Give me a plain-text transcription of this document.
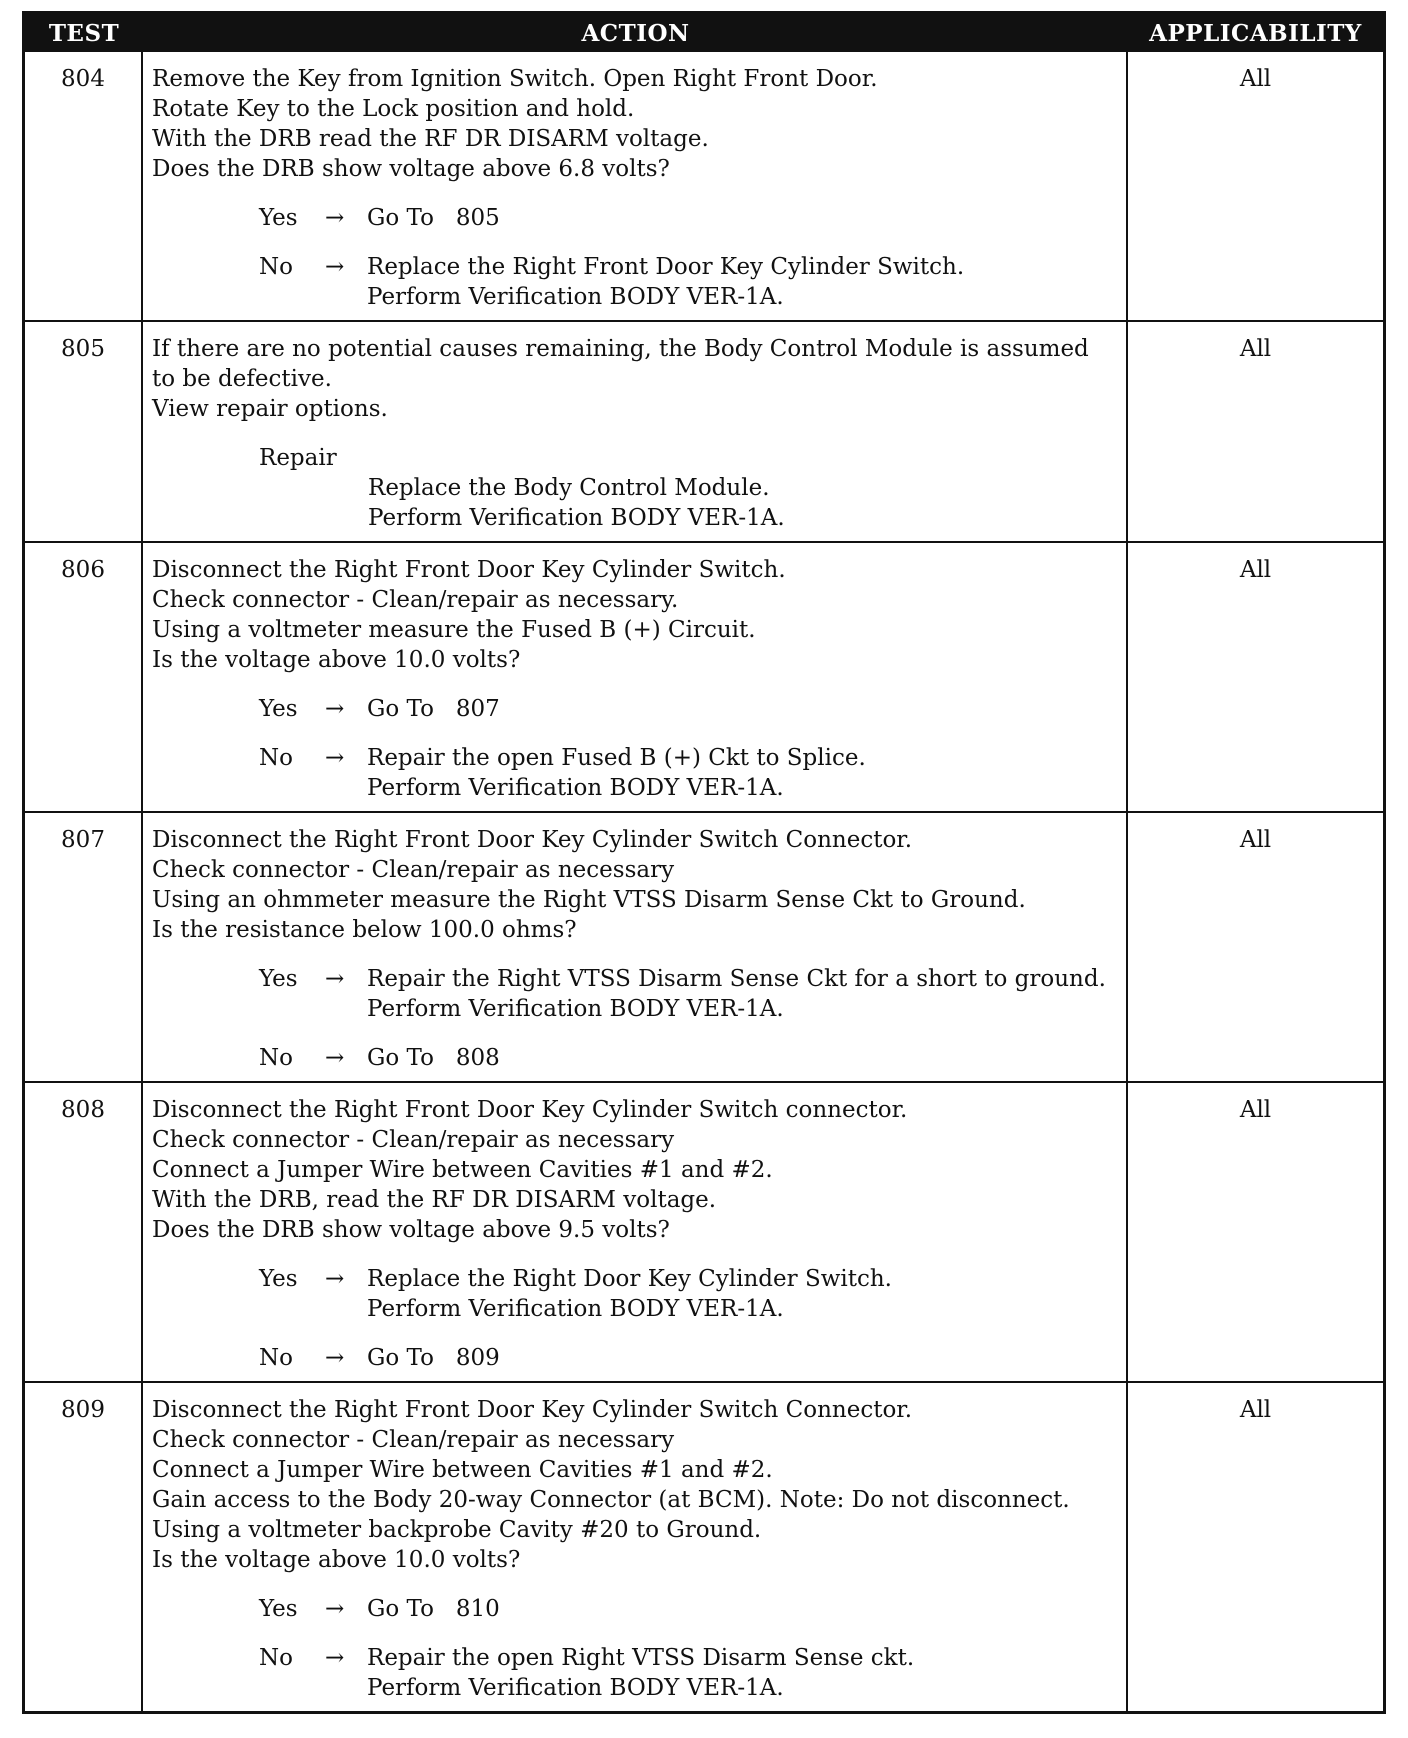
TEST	ACTION	APPLICABILITY
804	Remove the Key from Ignition Switch. Open Right Front Door.
Rotate Key to the Lock position and hold.
With the DRB read the RF DR DISARM voltage.
Does the DRB show voltage above 6.8 volts?
Yes	→ Go To   805
No	→ Replace the Right Front Door Key Cylinder Switch.
Perform Verification BODY VER-1A.
All
805	If there are no potential causes remaining, the Body Control Module is assumed to be defective.
View repair options.
Repair
Replace the Body Control Module.
Perform Verification BODY VER-1A.
All
806	Disconnect the Right Front Door Key Cylinder Switch.
Check connector - Clean/repair as necessary.
Using a voltmeter measure the Fused B (+) Circuit.
Is the voltage above 10.0 volts?
Yes	→ Go To   807
No	→ Repair the open Fused B (+) Ckt to Splice.
Perform Verification BODY VER-1A.
All
807	Disconnect the Right Front Door Key Cylinder Switch Connector.
Check connector - Clean/repair as necessary
Using an ohmmeter measure the Right VTSS Disarm Sense Ckt to Ground.
Is the resistance below 100.0 ohms?
Yes	→ Repair the Right VTSS Disarm Sense Ckt for a short to ground.
Perform Verification BODY VER-1A.
No	→ Go To   808
All
808	Disconnect the Right Front Door Key Cylinder Switch connector.
Check connector - Clean/repair as necessary
Connect a Jumper Wire between Cavities #1 and #2.
With the DRB, read the RF DR DISARM voltage.
Does the DRB show voltage above 9.5 volts?
Yes	→ Replace the Right Door Key Cylinder Switch.
Perform Verification BODY VER-1A.
No	→ Go To   809
All
809	Disconnect the Right Front Door Key Cylinder Switch Connector.
Check connector - Clean/repair as necessary
Connect a Jumper Wire between Cavities #1 and #2.
Gain access to the Body 20-way Connector (at BCM). Note: Do not disconnect.
Using a voltmeter backprobe Cavity #20 to Ground.
Is the voltage above 10.0 volts?
Yes	→ Go To   810
No	→ Repair the open Right VTSS Disarm Sense ckt.
Perform Verification BODY VER-1A.
All
